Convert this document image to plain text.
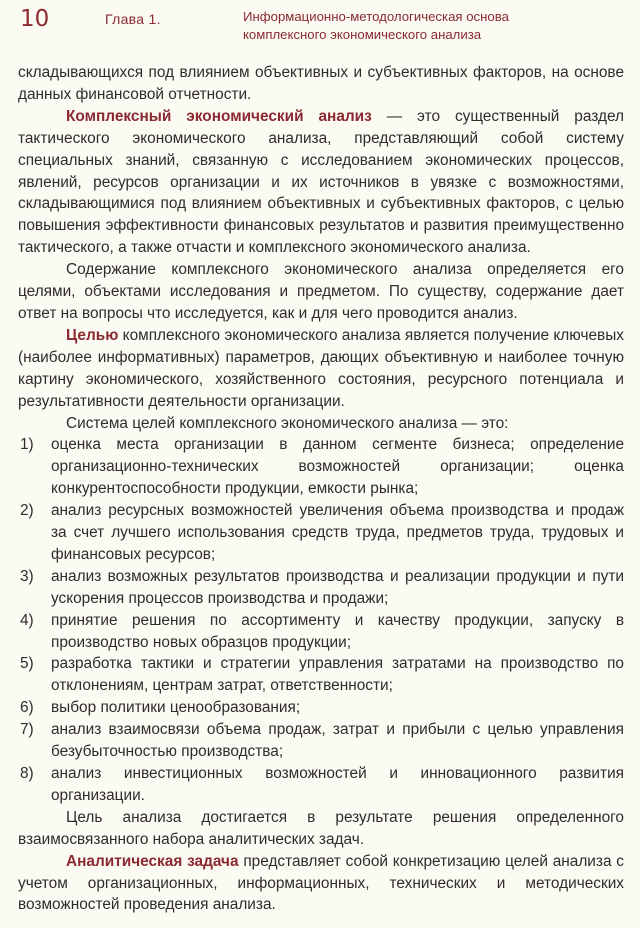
10	Глава 1.	Информационно-методологическая основа
комплексного экономического анализа

складывающихся под влиянием объективных и субъективных факторов, на основе данных финансовой отчетности.

Комплексный экономический анализ — это существенный раздел тактического экономического анализа, представляющий собой систему специальных знаний, связанную с исследованием экономических процессов, явлений, ресурсов организации и их источников в увязке с возможностями, складывающимися под влиянием объективных и субъективных факторов, с целью повышения эффективности финансовых результатов и развития преимущественно тактического, а также отчасти и комплексного экономического анализа.

Содержание комплексного экономического анализа определяется его целями, объектами исследования и предметом. По существу, содержание дает ответ на вопросы что исследуется, как и для чего проводится анализ.

Целью комплексного экономического анализа является получение ключевых (наиболее информативных) параметров, дающих объективную и наиболее точную картину экономического, хозяйственного состояния, ресурсного потенциала и результативности деятельности организации.

Система целей комплексного экономического анализа — это:

1) оценка места организации в данном сегменте бизнеса; определение организационно-технических возможностей организации; оценка конкурентоспособности продукции, емкости рынка;
2) анализ ресурсных возможностей увеличения объема производства и продаж за счет лучшего использования средств труда, предметов труда, трудовых и финансовых ресурсов;
3) анализ возможных результатов производства и реализации продукции и пути ускорения процессов производства и продажи;
4) принятие решения по ассортименту и качеству продукции, запуску в производство новых образцов продукции;
5) разработка тактики и стратегии управления затратами на производство по отклонениям, центрам затрат, ответственности;
6) выбор политики ценообразования;
7) анализ взаимосвязи объема продаж, затрат и прибыли с целью управления безубыточностью производства;
8) анализ инвестиционных возможностей и инновационного развития организации.

Цель анализа достигается в результате решения определенного взаимосвязанного набора аналитических задач.

Аналитическая задача представляет собой конкретизацию целей анализа с учетом организационных, информационных, технических и методических возможностей проведения анализа.
